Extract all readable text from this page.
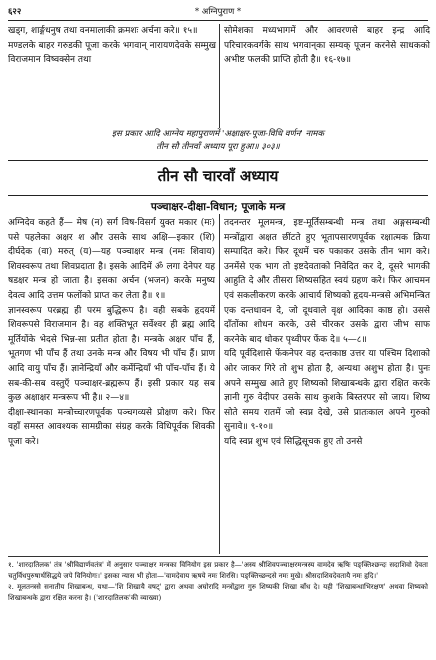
६२२	* अग्निपुराण *

खड्ग, शार्ङ्गधनुष तथा वनमालाकी क्रमशः अर्चना करे॥ १५॥

मण्डलके बाहर गरुडकी पूजा करके भगवान् नारायणदेवके सम्मुख विराजमान विष्वक्सेन तथा

सोमेशका मध्यभागमें और आवरणसे बाहर इन्द्र आदि परिचारकवर्गके साथ भगवान्‌का सम्यक् पूजन करनेसे साधकको अभीष्ट फलकी प्राप्ति होती है॥ १६-१७॥

इस प्रकार आदि आग्नेय महापुराणमें 'अक्षाक्षर-पूजा-विधि वर्णन' नामक
तीन सौ तीनवाँ अध्याय पूरा हुआ॥ ३०३॥
तीन सौ चारवाँ अध्याय
पञ्चाक्षर-दीक्षा-विधान; पूजाके मन्त्र

अग्निदेव कहते हैं— मेष (न) सर्ग विष-विसर्ग युक्त मकार (मः) पसे पहलेका अक्षर श और उसके साथ अक्षि—इकार (शि) दीर्घदेक (वा) मरुत् (य)—यह पञ्चाक्षर मन्त्र (नमः शिवाय) शिवस्वरूप तथा शिवप्रदाता है। इसके आदिमें ॐ लगा देनेपर यह षडक्षर मन्त्र हो जाता है। इसका अर्चन (भजन) करके मनुष्य देवत्व आदि उत्तम फलोंको प्राप्त कर लेता है॥ १॥

ज्ञानस्वरूप परब्रह्म ही परम बुद्धिरूप है। वही सबके हृदयमें शिवरूपसे विराजमान है। वह शक्तिभूत सर्वेश्वर ही ब्रह्म आदि मूर्तियोंके भेदसे भिन्न-सा प्रतीत होता है। मन्त्रके अक्षर पाँच हैं, भूतगण भी पाँच हैं तथा उनके मन्त्र और विषय भी पाँच हैं। प्राण आदि वायु पाँच हैं। ज्ञानेन्द्रियाँ और कर्मेन्द्रियाँ भी पाँच-पाँच हैं। ये सब-की-सब वस्तुएँ पञ्चाक्षर-ब्रह्मरूप हैं। इसी प्रकार यह सब कुछ अक्षाक्षर मन्त्ररूप भी है॥ २—४॥

दीक्षा-स्थानका मन्त्रोच्चारणपूर्वक पञ्चगव्यसे प्रोक्षण करे। फिर वहाँ समस्त आवश्यक सामग्रीका संग्रह करके विधिपूर्वक शिवकी पूजा करे।

तदनन्तर मूलमन्त्र, इष्ट-मूर्तिसम्बन्धी मन्त्र तथा अङ्गसम्बन्धी मन्त्रोंद्वारा अक्षत छींटते हुए भूतापसारणपूर्वक रक्षात्मक क्रिया सम्पादित करे। फिर दूधमें चरु पकाकर उसके तीन भाग करे। उनमेंसे एक भाग तो इष्टदेवताको निवेदित कर दे, दूसरे भागकी आहुति दे और तीसरा शिष्यसहित स्वयं ग्रहण करे। फिर आचमन एवं सकलीकरण करके आचार्य शिष्यको हृदय-मन्त्रसे अभिमन्त्रित एक दन्तधावन दे, जो दूधवाले वृक्ष आदिका काष्ठ हो। उससे दाँतोंका शोधन करके, उसे चीरकर उसके द्वारा जीभ साफ करनेके बाद धोकर पृथ्वीपर फेंक दे॥ ५—८॥

यदि पूर्वदिशासे फेंकनेपर वह दन्तकाष्ठ उत्तर या पश्चिम दिशाको ओर जाकर गिरे तो शुभ होता है, अन्यथा अशुभ होता है। पुनः अपने सम्मुख आते हुए शिष्यको शिखाबन्धके द्वारा रक्षित करके ज्ञानी गुरु वेदीपर उसके साथ कुशके बिस्तरपर सो जाय। शिष्य सोते समय रातमें जो स्वप्न देखे, उसे प्रातःकाल अपने गुरुको सुनावे॥ ९-१०॥

यदि स्वप्न शुभ एवं सिद्धिसूचक हुए तो उनसे

१. 'शारदातिलक' तंत्र 'श्रीविद्यार्णवतंत्र' में अनुसार पञ्चाक्षर मन्त्रका विनियोग इस प्रकार है—'अस्य श्रीशिवपञ्चाक्षरमन्त्रस्य वामदेव ऋषिः पङ्क्तिश्छन्दः सदाशिवो देवता चतुर्विधपुरुषार्थसिद्धये जपे विनियोगः।' इसका न्यास भी होता—'वामदेवाय ऋषये नमः शिरसि। पङ्क्तिच्छन्दसे नमः मुखे। श्रीसदाशिवदेवतायै नमः हृदि।'

२. मूलतन्त्रसे सनातीय शिखाबन्ध, यथा—'शि शिखायै वषट्' द्वारा अथवा अघोरादि मन्त्रोंद्वारा गुरु शिष्यकी शिखा बाँध दे। यही 'शिखाबन्धाभिरक्षण' अथवा शिष्यको शिखाबन्धके द्वारा रक्षित करना है। ('शारदातिलक'की व्याख्या)
